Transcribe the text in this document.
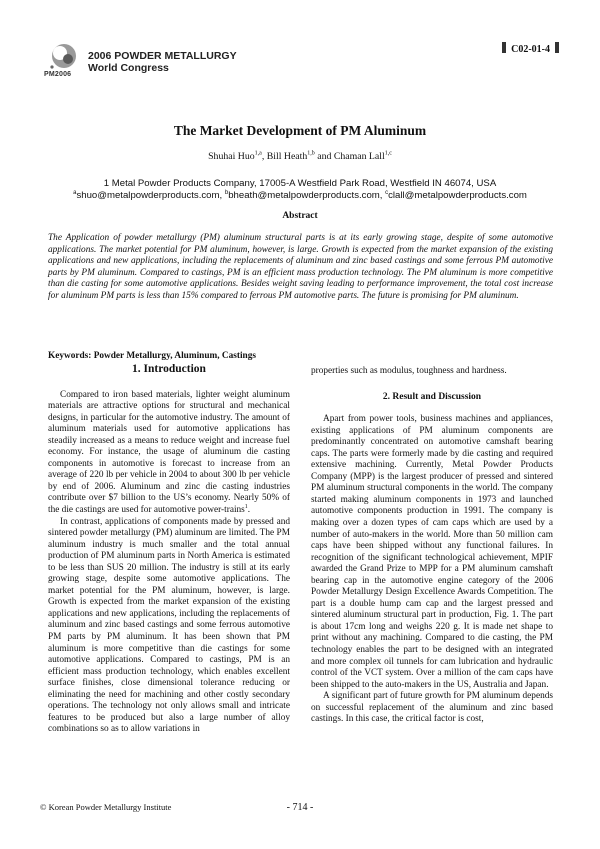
PM2006
2006 POWDER METALLURGY
World Congress
C02-01-4
The Market Development of PM Aluminum
Shuhai Huo$^{1,a}$, Bill Heath$^{1,b}$ and Chaman Lall$^{1,c}$
1 Metal Powder Products Company, 17005-A Westfield Park Road, Westfield IN 46074, USA
$^a$shuo@metalpowderproducts.com, $^b$bheath@metalpowderproducts.com, $^c$clall@metalpowderproducts.com
Abstract
The Application of powder metallurgy (PM) aluminum structural parts is at its early growing stage, despite of some automotive applications. The market potential for PM aluminum, however, is large. Growth is expected from the market expansion of the existing applications and new applications, including the replacements of aluminum and zinc based castings and some ferrous PM automotive parts by PM aluminum. Compared to castings, PM is an efficient mass production technology. The PM aluminum is more competitive than die casting for some automotive applications. Besides weight saving leading to performance improvement, the total cost increase for aluminum PM parts is less than 15% compared to ferrous PM automotive parts. The future is promising for PM aluminum.
Keywords: Powder Metallurgy, Aluminum, Castings
1. Introduction

Compared to iron based materials, lighter weight aluminum materials are attractive options for structural and mechanical designs, in particular for the automotive industry. The amount of aluminum materials used for automotive applications has steadily increased as a means to reduce weight and increase fuel economy. For instance, the usage of aluminum die casting components in automotive is forecast to increase from an average of 220 lb per vehicle in 2004 to about 300 lb per vehicle by end of 2006. Aluminum and zinc die casting industries contribute over $7 billion to the US’s economy. Nearly 50% of the die castings are used for automotive power-trains$^1$.

In contrast, applications of components made by pressed and sintered powder metallurgy (PM) aluminum are limited. The PM aluminum industry is much smaller and the total annual production of PM aluminum parts in North America is estimated to be less than SUS 20 million. The industry is still at its early growing stage, despite some automotive applications. The market potential for the PM aluminum, however, is large. Growth is expected from the market expansion of the existing applications and new applications, including the replacements of aluminum and zinc based castings and some ferrous automotive PM parts by PM aluminum. It has been shown that PM aluminum is more competitive than die castings for some automotive applications. Compared to castings, PM is an efficient mass production technology, which enables excellent surface finishes, close dimensional tolerance reducing or eliminating the need for machining and other costly secondary operations. The technology not only allows small and intricate features to be produced but also a large number of alloy combinations so as to allow variations in

properties such as modulus, toughness and hardness.

2. Result and Discussion

Apart from power tools, business machines and appliances, existing applications of PM aluminum components are predominantly concentrated on automotive camshaft bearing caps. The parts were formerly made by die casting and required extensive machining. Currently, Metal Powder Products Company (MPP) is the largest producer of pressed and sintered PM aluminum structural components in the world. The company started making aluminum components in 1973 and launched automotive components production in 1991. The company is making over a dozen types of cam caps which are used by a number of auto-makers in the world. More than 50 million cam caps have been shipped without any functional failures. In recognition of the significant technological achievement, MPIF awarded the Grand Prize to MPP for a PM aluminum camshaft bearing cap in the automotive engine category of the 2006 Powder Metallurgy Design Excellence Awards Competition. The part is a double hump cam cap and the largest pressed and sintered aluminum structural part in production, Fig. 1. The part is about 17cm long and weighs 220 g. It is made net shape to print without any machining. Compared to die casting, the PM technology enables the part to be designed with an integrated and more complex oil tunnels for cam lubrication and hydraulic control of the VCT system. Over a million of the cam caps have been shipped to the auto-makers in the US, Australia and Japan.

A significant part of future growth for PM aluminum depends on successful replacement of the aluminum and zinc based castings. In this case, the critical factor is cost,

© Korean Powder Metallurgy Institute	- 714 -
